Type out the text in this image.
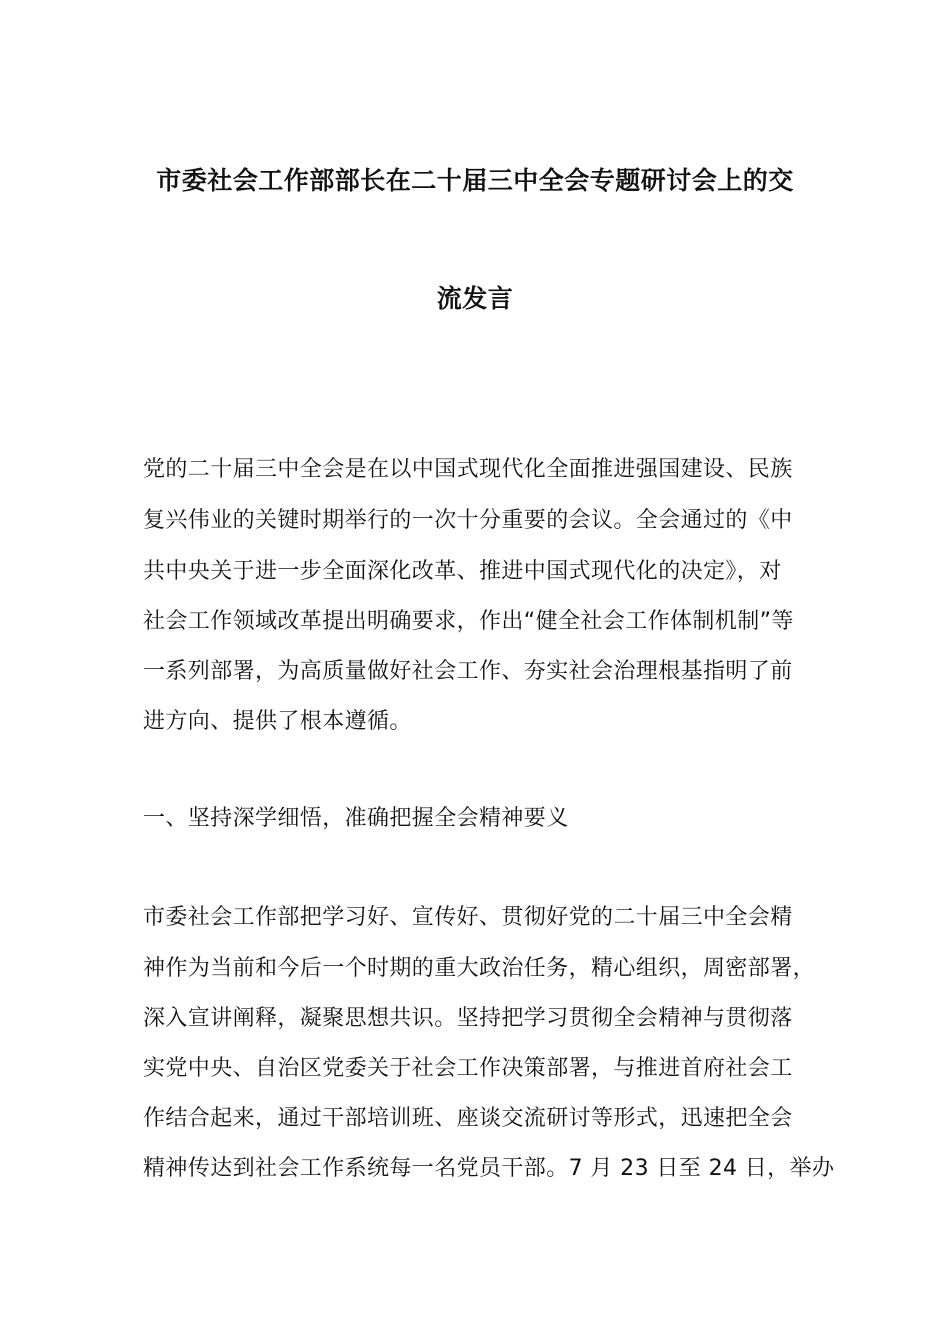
市委社会工作部部长在二十届三中全会专题研讨会上的交
流发言
党的二十届三中全会是在以中国式现代化全面推进强国建设、民族
复兴伟业的关键时期举行的一次十分重要的会议。全会通过的《中
共中央关于进一步全面深化改革、推进中国式现代化的决定》，对
社会工作领域改革提出明确要求，作出“健全社会工作体制机制”等
一系列部署，为高质量做好社会工作、夯实社会治理根基指明了前
进方向、提供了根本遵循。
一、坚持深学细悟，准确把握全会精神要义
市委社会工作部把学习好、宣传好、贯彻好党的二十届三中全会精
神作为当前和今后一个时期的重大政治任务，精心组织，周密部署，
深入宣讲阐释，凝聚思想共识。坚持把学习贯彻全会精神与贯彻落
实党中央、自治区党委关于社会工作决策部署，与推进首府社会工
作结合起来，通过干部培训班、座谈交流研讨等形式，迅速把全会
精神传达到社会工作系统每一名党员干部。7 月 23 日至 24 日，举办
